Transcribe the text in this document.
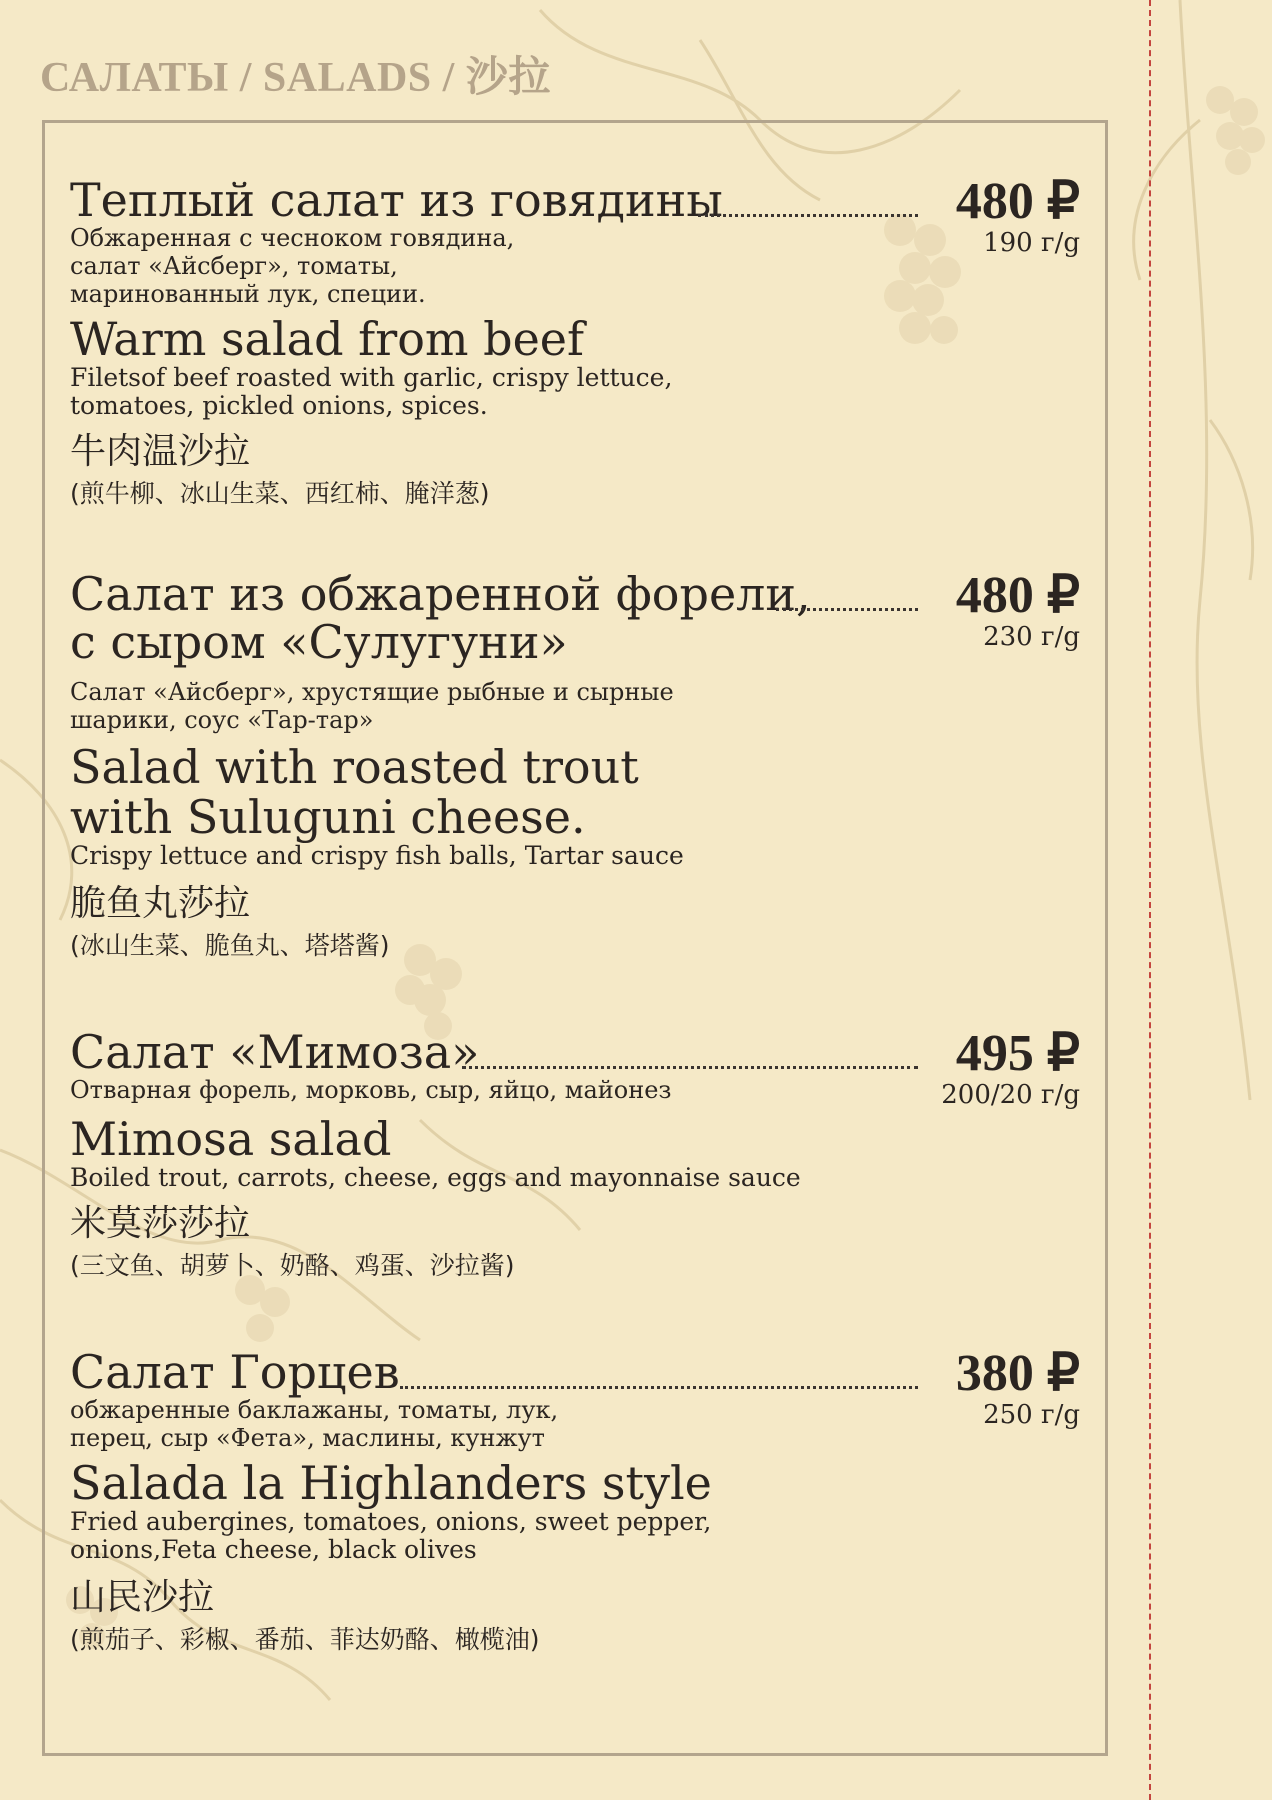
САЛАТЫ / SALADS / 沙拉
Теплый салат из говядины	480 ₽
190 г/g
Обжаренная с чесноком говядина,
салат «Айсберг», томаты,
маринованный лук, специи.
Warm salad from beef
Filetsof beef roasted with garlic, crispy lettuce,
tomatoes, pickled onions, spices.
牛肉温沙拉
(煎牛柳、冰山生菜、西红柿、腌洋葱)
Салат из обжаренной форели,
с сыром «Сулугуни»
480 ₽
230 г/g
Салат «Айсберг», хрустящие рыбные и сырные
шарики, соус «Тар-тар»
Salad with roasted trout
with Suluguni cheese.
Crispy lettuce and crispy fish balls, Tartar sauce
脆鱼丸莎拉
(冰山生菜、脆鱼丸、塔塔酱)
Салат «Мимоза»	495 ₽
200/20 г/g
Отварная форель, морковь, сыр, яйцо, майонез
Mimosa salad
Boiled trout, carrots, cheese, eggs and mayonnaise sauce
米莫莎莎拉
(三文鱼、胡萝卜、奶酪、鸡蛋、沙拉酱)
Салат Горцев	380 ₽
250 г/g
обжаренные баклажаны, томаты, лук,
перец, сыр «Фета», маслины, кунжут
Salada la Highlanders style
Fried aubergines, tomatoes, onions, sweet pepper,
onions,Feta cheese, black olives
山民沙拉
(煎茄子、彩椒、番茄、菲达奶酪、橄榄油)
